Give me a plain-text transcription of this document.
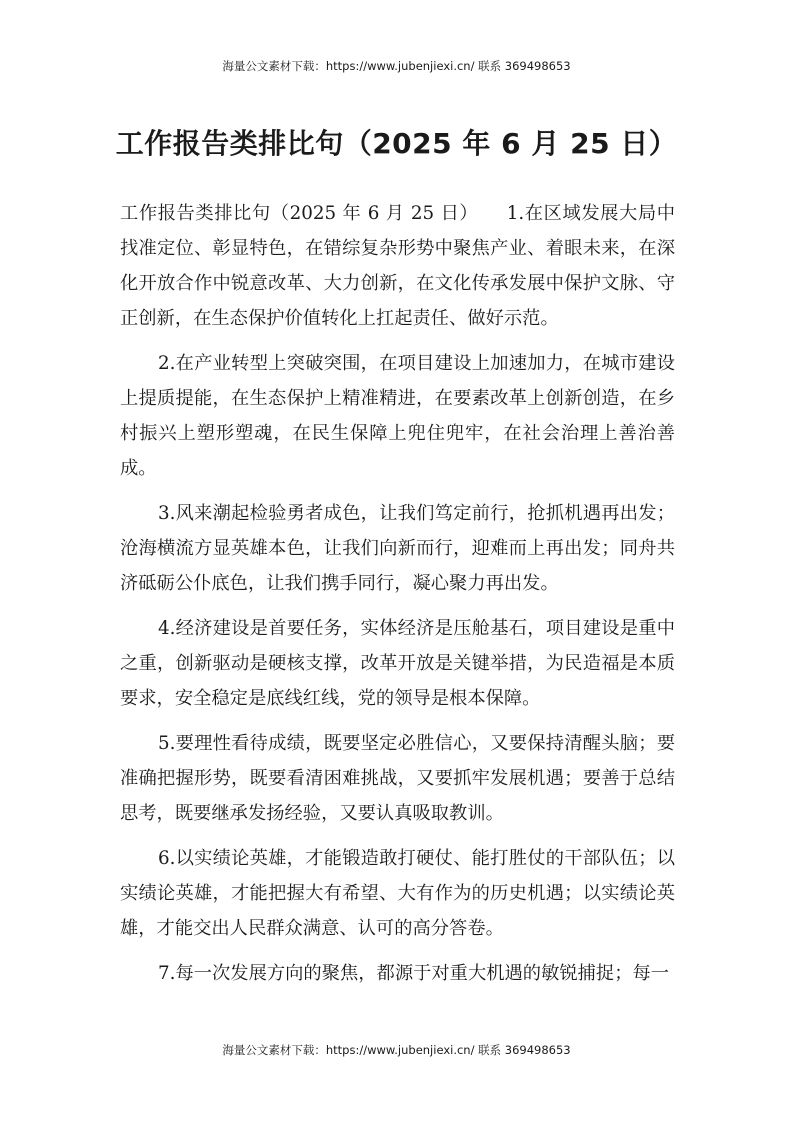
海量公文素材下载：https://www.jubenjiexi.cn/ 联系 369498653
工作报告类排比句（2025 年 6 月 25 日）

工作报告类排比句（2025 年 6 月 25 日）　　1.在区域发展大局中找准定位、彰显特色，在错综复杂形势中聚焦产业、着眼未来，在深化开放合作中锐意改革、大力创新，在文化传承发展中保护文脉、守正创新，在生态保护价值转化上扛起责任、做好示范。

2.在产业转型上突破突围，在项目建设上加速加力，在城市建设上提质提能，在生态保护上精准精进，在要素改革上创新创造，在乡村振兴上塑形塑魂，在民生保障上兜住兜牢，在社会治理上善治善成。

3.风来潮起检验勇者成色，让我们笃定前行，抢抓机遇再出发；沧海横流方显英雄本色，让我们向新而行，迎难而上再出发；同舟共济砥砺公仆底色，让我们携手同行，凝心聚力再出发。

4.经济建设是首要任务，实体经济是压舱基石，项目建设是重中之重，创新驱动是硬核支撑，改革开放是关键举措，为民造福是本质要求，安全稳定是底线红线，党的领导是根本保障。

5.要理性看待成绩，既要坚定必胜信心，又要保持清醒头脑；要准确把握形势，既要看清困难挑战，又要抓牢发展机遇；要善于总结思考，既要继承发扬经验，又要认真吸取教训。

6.以实绩论英雄，才能锻造敢打硬仗、能打胜仗的干部队伍；以实绩论英雄，才能把握大有希望、大有作为的历史机遇；以实绩论英雄，才能交出人民群众满意、认可的高分答卷。

7.每一次发展方向的聚焦，都源于对重大机遇的敏锐捕捉；每一

海量公文素材下载：https://www.jubenjiexi.cn/ 联系 369498653
